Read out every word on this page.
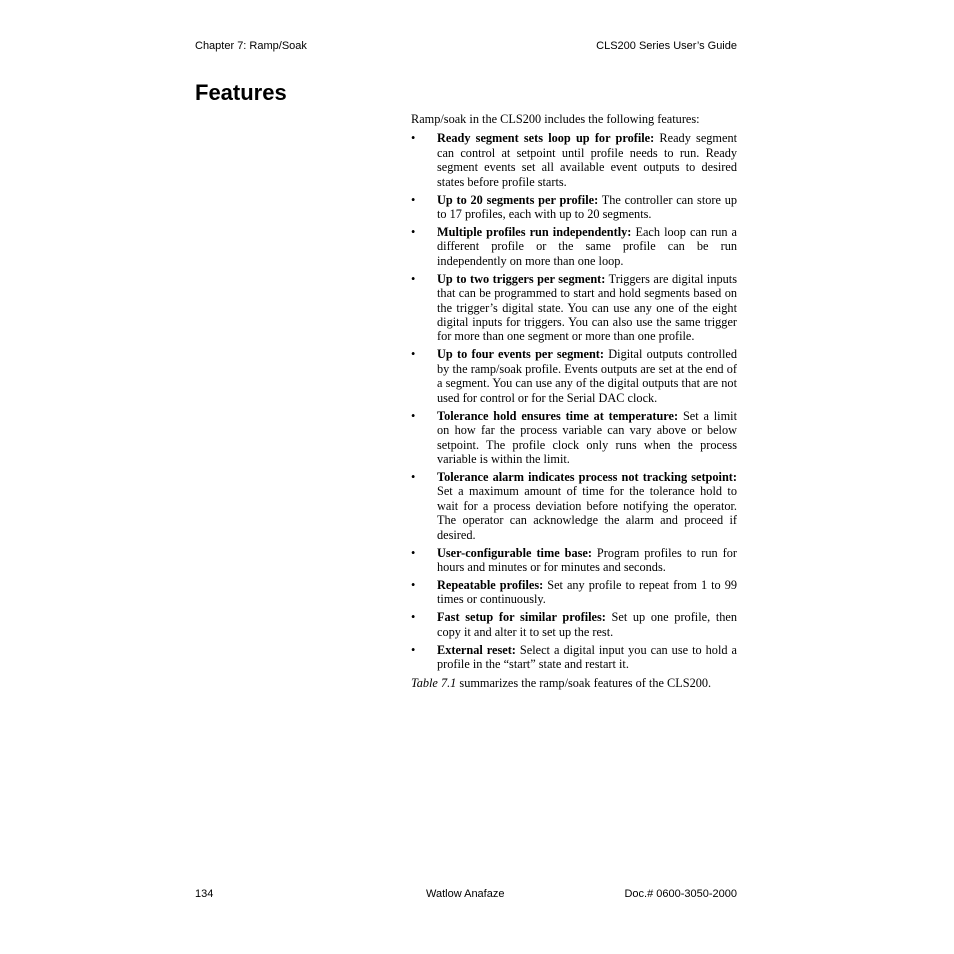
Chapter 7: Ramp/Soak	CLS200 Series User’s Guide
Features

Ramp/soak in the CLS200 includes the following features:

• Ready segment sets loop up for profile: Ready segment can control at setpoint until profile needs to run. Ready segment events set all available event outputs to desired states before profile starts.
• Up to 20 segments per profile: The controller can store up to 17 profiles, each with up to 20 segments.
• Multiple profiles run independently: Each loop can run a different profile or the same profile can be run independently on more than one loop.
• Up to two triggers per segment: Triggers are digital inputs that can be programmed to start and hold segments based on the trigger’s digital state. You can use any one of the eight digital inputs for triggers. You can also use the same trigger for more than one segment or more than one profile.
• Up to four events per segment: Digital outputs controlled by the ramp/soak profile. Events outputs are set at the end of a segment. You can use any of the digital outputs that are not used for control or for the Serial DAC clock.
• Tolerance hold ensures time at temperature: Set a limit on how far the process variable can vary above or below setpoint. The profile clock only runs when the process variable is within the limit.
• Tolerance alarm indicates process not tracking setpoint: Set a maximum amount of time for the tolerance hold to wait for a process deviation before notifying the operator. The operator can acknowledge the alarm and proceed if desired.
• User-configurable time base: Program profiles to run for hours and minutes or for minutes and seconds.
• Repeatable profiles: Set any profile to repeat from 1 to 99 times or continuously.
• Fast setup for similar profiles: Set up one profile, then copy it and alter it to set up the rest.
• External reset: Select a digital input you can use to hold a profile in the “start” state and restart it.

Table 7.1 summarizes the ramp/soak features of the CLS200.

134	Watlow Anafaze	Doc.# 0600-3050-2000
